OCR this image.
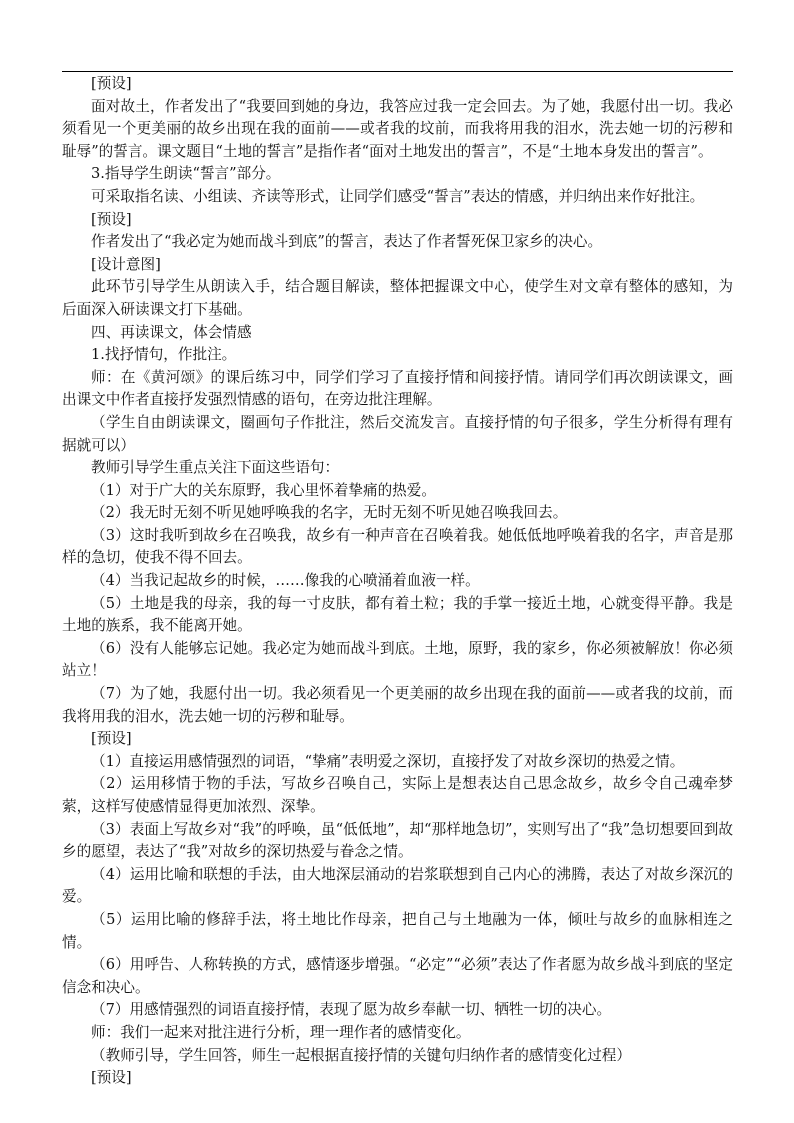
[预设]

面对故土，作者发出了“我要回到她的身边，我答应过我一定会回去。为了她，我愿付出一切。我必须看见一个更美丽的故乡出现在我的面前——或者我的坟前，而我将用我的泪水，洗去她一切的污秽和耻辱”的誓言。课文题目“土地的誓言”是指作者“面对土地发出的誓言”，不是“土地本身发出的誓言”。

3.指导学生朗读“誓言”部分。

可采取指名读、小组读、齐读等形式，让同学们感受“誓言”表达的情感，并归纳出来作好批注。

[预设]

作者发出了“我必定为她而战斗到底”的誓言，表达了作者誓死保卫家乡的决心。

[设计意图]

此环节引导学生从朗读入手，结合题目解读，整体把握课文中心，使学生对文章有整体的感知，为后面深入研读课文打下基础。

四、再读课文，体会情感

1.找抒情句，作批注。

师：在《黄河颂》的课后练习中，同学们学习了直接抒情和间接抒情。请同学们再次朗读课文，画出课文中作者直接抒发强烈情感的语句，在旁边批注理解。

（学生自由朗读课文，圈画句子作批注，然后交流发言。直接抒情的句子很多，学生分析得有理有据就可以）

教师引导学生重点关注下面这些语句：

（1）对于广大的关东原野，我心里怀着挚痛的热爱。

（2）我无时无刻不听见她呼唤我的名字，无时无刻不听见她召唤我回去。

（3）这时我听到故乡在召唤我，故乡有一种声音在召唤着我。她低低地呼唤着我的名字，声音是那样的急切，使我不得不回去。

（4）当我记起故乡的时候，……像我的心喷涌着血液一样。

（5）土地是我的母亲，我的每一寸皮肤，都有着土粒；我的手掌一接近土地，心就变得平静。我是土地的族系，我不能离开她。

（6）没有人能够忘记她。我必定为她而战斗到底。土地，原野，我的家乡，你必须被解放！你必须站立！

（7）为了她，我愿付出一切。我必须看见一个更美丽的故乡出现在我的面前——或者我的坟前，而我将用我的泪水，洗去她一切的污秽和耻辱。

[预设]

（1）直接运用感情强烈的词语，“挚痛”表明爱之深切，直接抒发了对故乡深切的热爱之情。

（2）运用移情于物的手法，写故乡召唤自己，实际上是想表达自己思念故乡，故乡令自己魂牵梦萦，这样写使感情显得更加浓烈、深挚。

（3）表面上写故乡对“我”的呼唤，虽“低低地”，却“那样地急切”，实则写出了“我”急切想要回到故乡的愿望，表达了“我”对故乡的深切热爱与眷念之情。

（4）运用比喻和联想的手法，由大地深层涌动的岩浆联想到自己内心的沸腾，表达了对故乡深沉的爱。

（5）运用比喻的修辞手法，将土地比作母亲，把自己与土地融为一体，倾吐与故乡的血脉相连之情。

（6）用呼告、人称转换的方式，感情逐步增强。“必定”“必须”表达了作者愿为故乡战斗到底的坚定信念和决心。

（7）用感情强烈的词语直接抒情，表现了愿为故乡奉献一切、牺牲一切的决心。

师：我们一起来对批注进行分析，理一理作者的感情变化。

（教师引导，学生回答，师生一起根据直接抒情的关键句归纳作者的感情变化过程）

[预设]
